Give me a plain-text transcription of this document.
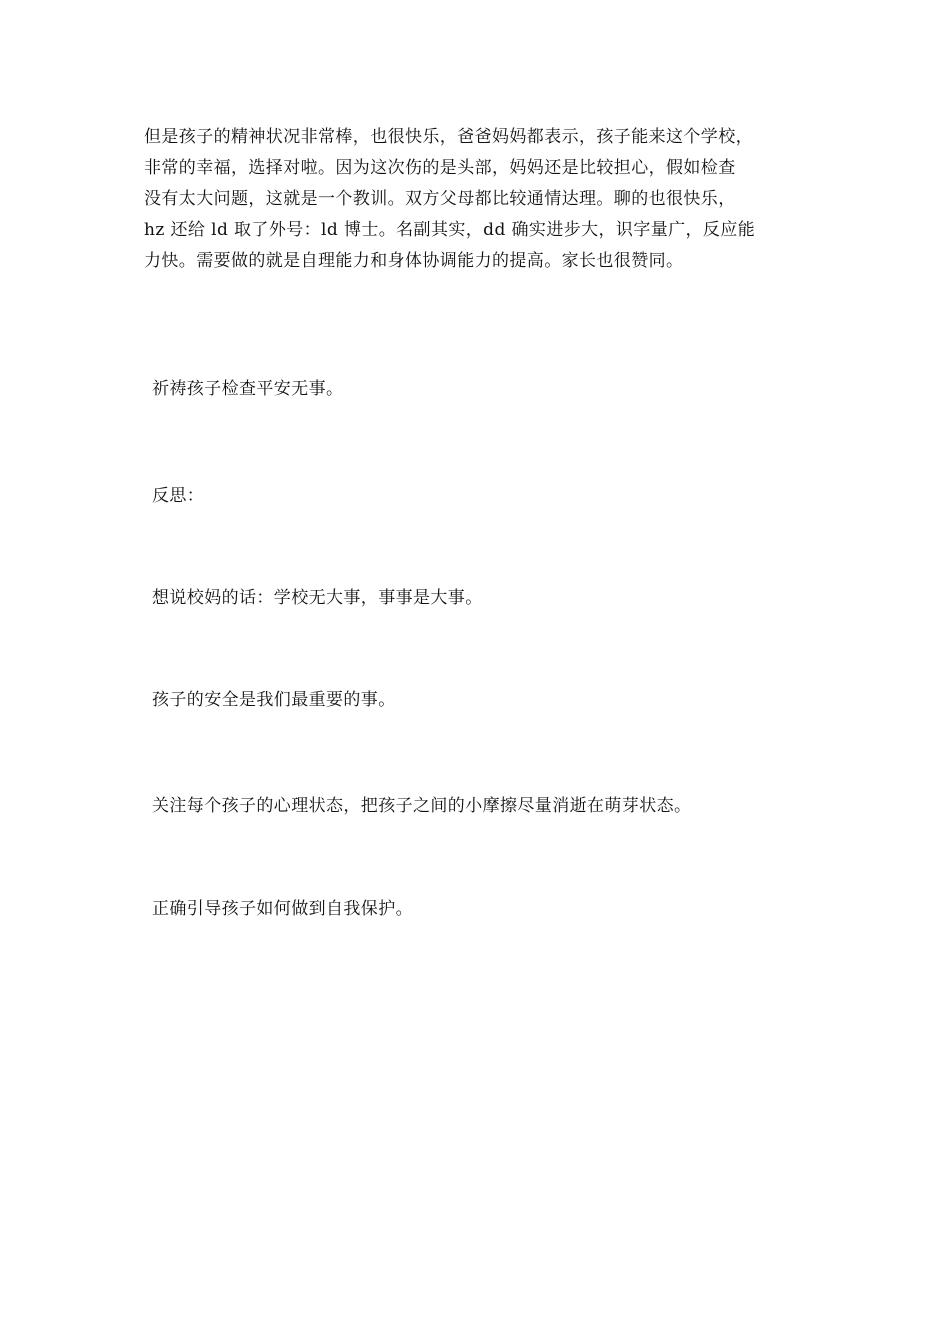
但是孩子的精神状况非常棒，也很快乐，爸爸妈妈都表示，孩子能来这个学校，
非常的幸福，选择对啦。因为这次伤的是头部，妈妈还是比较担心，假如检查
没有太大问题，这就是一个教训。双方父母都比较通情达理。聊的也很快乐，
hz 还给 ld 取了外号：ld 博士。名副其实，dd 确实进步大，识字量广，反应能
力快。需要做的就是自理能力和身体协调能力的提高。家长也很赞同。
祈祷孩子检查平安无事。
反思：
想说校妈的话：学校无大事，事事是大事。
孩子的安全是我们最重要的事。
关注每个孩子的心理状态，把孩子之间的小摩擦尽量消逝在萌芽状态。
正确引导孩子如何做到自我保护。
